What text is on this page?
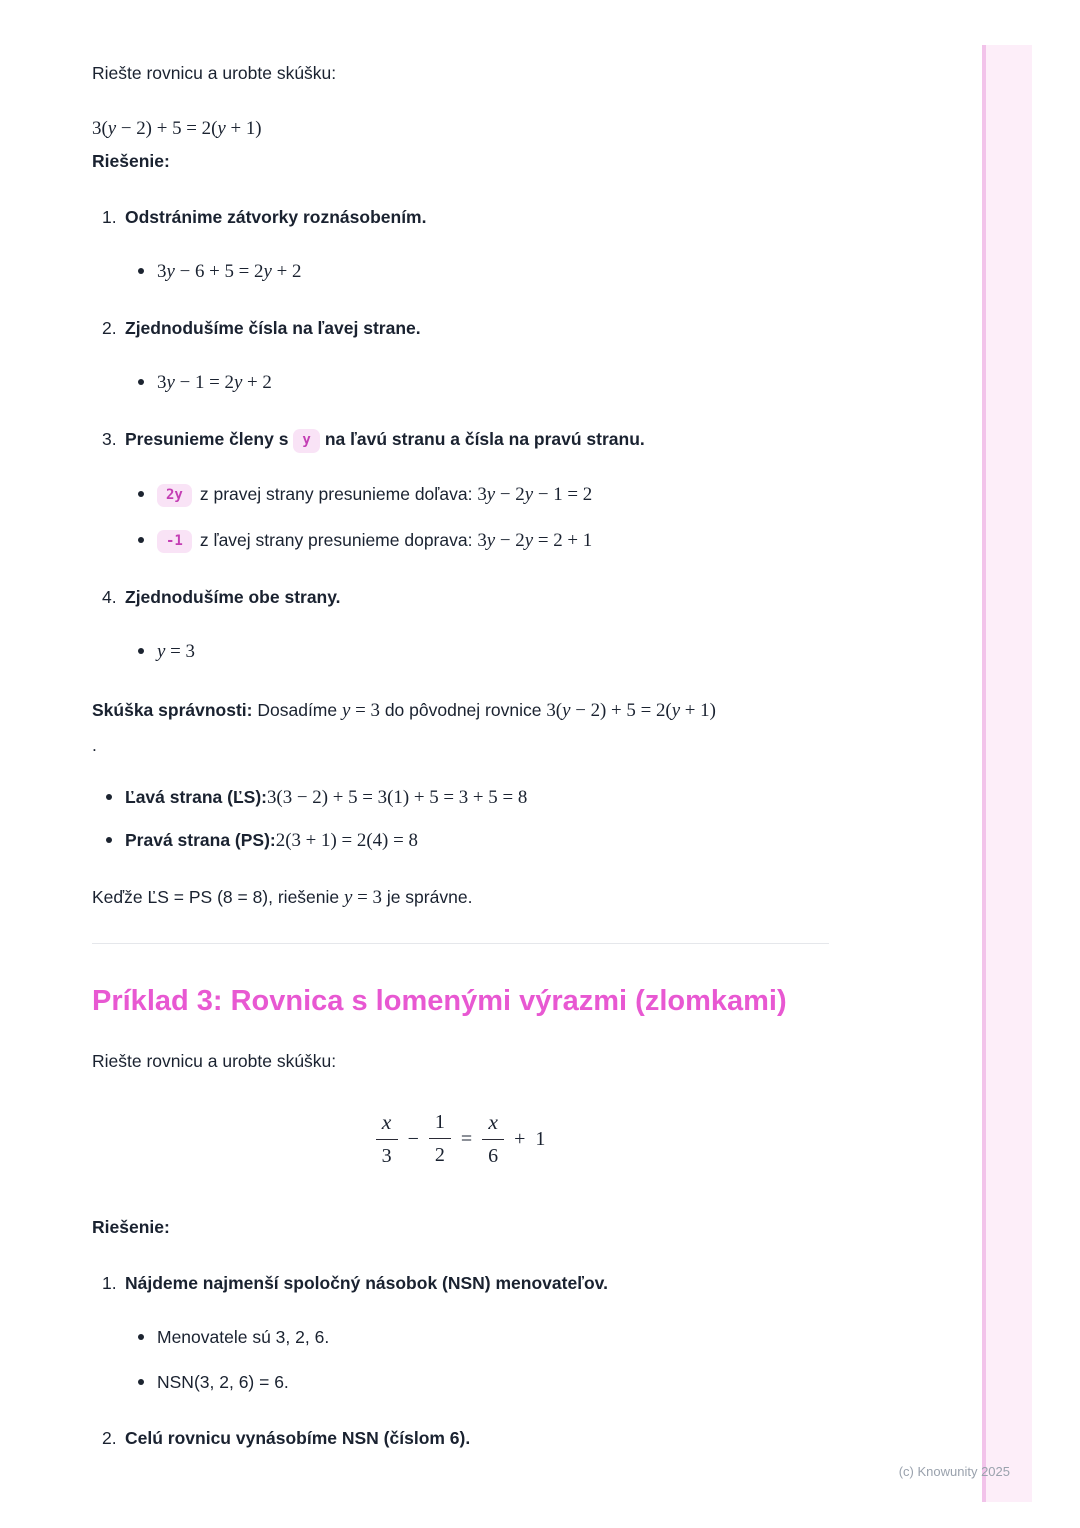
Riešte rovnicu a urobte skúšku:

3(y − 2) + 5 = 2(y + 1)

Riešenie:

1. Odstránime zátvorky roznásobením.
3y − 6 + 5 = 2y + 2
2. Zjednodušíme čísla na ľavej strane.
3y − 1 = 2y + 2
3. Presunieme členy s y na ľavú stranu a čísla na pravú stranu.
2y z pravej strany presunieme doľava: 3y − 2y − 1 = 2
-1 z ľavej strany presunieme doprava: 3y − 2y = 2 + 1
4. Zjednodušíme obe strany.
y = 3

Skúška správnosti: Dosadíme y = 3 do pôvodnej rovnice 3(y − 2) + 5 = 2(y + 1)

.

Ľavá strana (ĽS):3(3 − 2) + 5 = 3(1) + 5 = 3 + 5 = 8
Pravá strana (PS):2(3 + 1) = 2(4) = 8

Keďže ĽS = PS (8 = 8), riešenie y = 3 je správne.

Príklad 3: Rovnica s lomenými výrazmi (zlomkami)

Riešte rovnicu a urobte skúšku:

$\frac{x}{3} - \frac{1}{2} = \frac{x}{6} + 1$

Riešenie:

1. Nájdeme najmenší spoločný násobok (NSN) menovateľov.
Menovatele sú 3, 2, 6.
NSN(3, 2, 6) = 6.
2. Celú rovnicu vynásobíme NSN (číslom 6).
(c) Knowunity 2025
